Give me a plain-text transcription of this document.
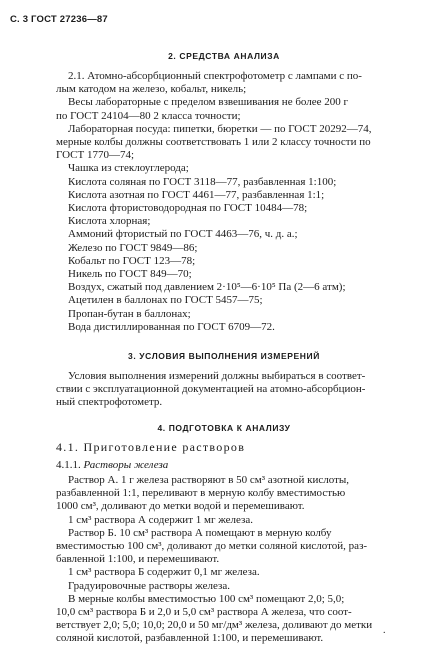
С. 3 ГОСТ 27236—87
2. СРЕДСТВА АНАЛИЗА

2.1. Атомно-абсорбционный спектрофотометр с лампами с по-

лым катодом на железо, кобальт, никель;

Весы лабораторные с пределом взвешивания не более 200 г

по ГОСТ 24104—80 2 класса точности;

Лабораторная посуда: пипетки, бюретки — по ГОСТ 20292—74,

мерные колбы должны соответствовать 1 или 2 классу точности по

ГОСТ 1770—74;

Чашка из стеклоуглерода;

Кислота соляная по ГОСТ 3118—77, разбавленная 1:100;

Кислота азотная по ГОСТ 4461—77, разбавленная 1:1;

Кислота фтористоводородная по ГОСТ 10484—78;

Кислота хлорная;

Аммоний фтористый по ГОСТ 4463—76, ч. д. а.;

Железо по ГОСТ 9849—86;

Кобальт по ГОСТ 123—78;

Никель по ГОСТ 849—70;

Воздух, сжатый под давлением 2·10⁵—6·10⁵ Па (2—6 атм);

Ацетилен в баллонах по ГОСТ 5457—75;

Пропан-бутан в баллонах;

Вода дистиллированная по ГОСТ 6709—72.

3. УСЛОВИЯ ВЫПОЛНЕНИЯ ИЗМЕРЕНИЙ

Условия выполнения измерений должны выбираться в соответ-

ствии с эксплуатационной документацией на атомно-абсорбцион-

ный спектрофотометр.

4. ПОДГОТОВКА К АНАЛИЗУ
4.1. Приготовление растворов

4.1.1. Растворы железа

Раствор А. 1 г железа растворяют в 50 см³ азотной кислоты,

разбавленной 1:1, переливают в мерную колбу вместимостью

1000 см³, доливают до метки водой и перемешивают.

1 см³ раствора А содержит 1 мг железа.

Раствор Б. 10 см³ раствора А помещают в мерную колбу

вместимостью 100 см³, доливают до метки соляной кислотой, раз-

бавленной 1:100, и перемешивают.

1 см³ раствора Б содержит 0,1 мг железа.

Градуировочные растворы железа.

В мерные колбы вместимостью 100 см³ помещают 2,0; 5,0;

10,0 см³ раствора Б и 2,0 и 5,0 см³ раствора А железа, что соот-

ветствует 2,0; 5,0; 10,0; 20,0 и 50 мг/дм³ железа, доливают до метки

соляной кислотой, разбавленной 1:100, и перемешивают.

.
